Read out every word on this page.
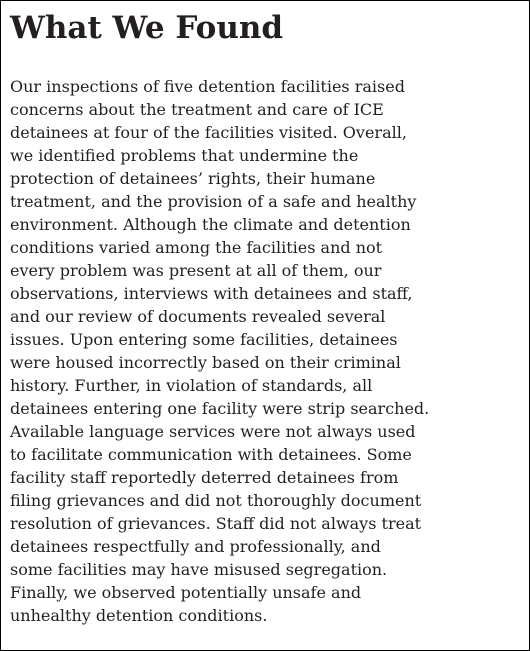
What We Found
Our inspections of five detention facilities raised
concerns about the treatment and care of ICE
detainees at four of the facilities visited. Overall,
we identified problems that undermine the
protection of detainees’ rights, their humane
treatment, and the provision of a safe and healthy
environment. Although the climate and detention
conditions varied among the facilities and not
every problem was present at all of them, our
observations, interviews with detainees and staff,
and our review of documents revealed several
issues. Upon entering some facilities, detainees
were housed incorrectly based on their criminal
history. Further, in violation of standards, all
detainees entering one facility were strip searched.
Available language services were not always used
to facilitate communication with detainees. Some
facility staff reportedly deterred detainees from
filing grievances and did not thoroughly document
resolution of grievances. Staff did not always treat
detainees respectfully and professionally, and
some facilities may have misused segregation.
Finally, we observed potentially unsafe and
unhealthy detention conditions.
